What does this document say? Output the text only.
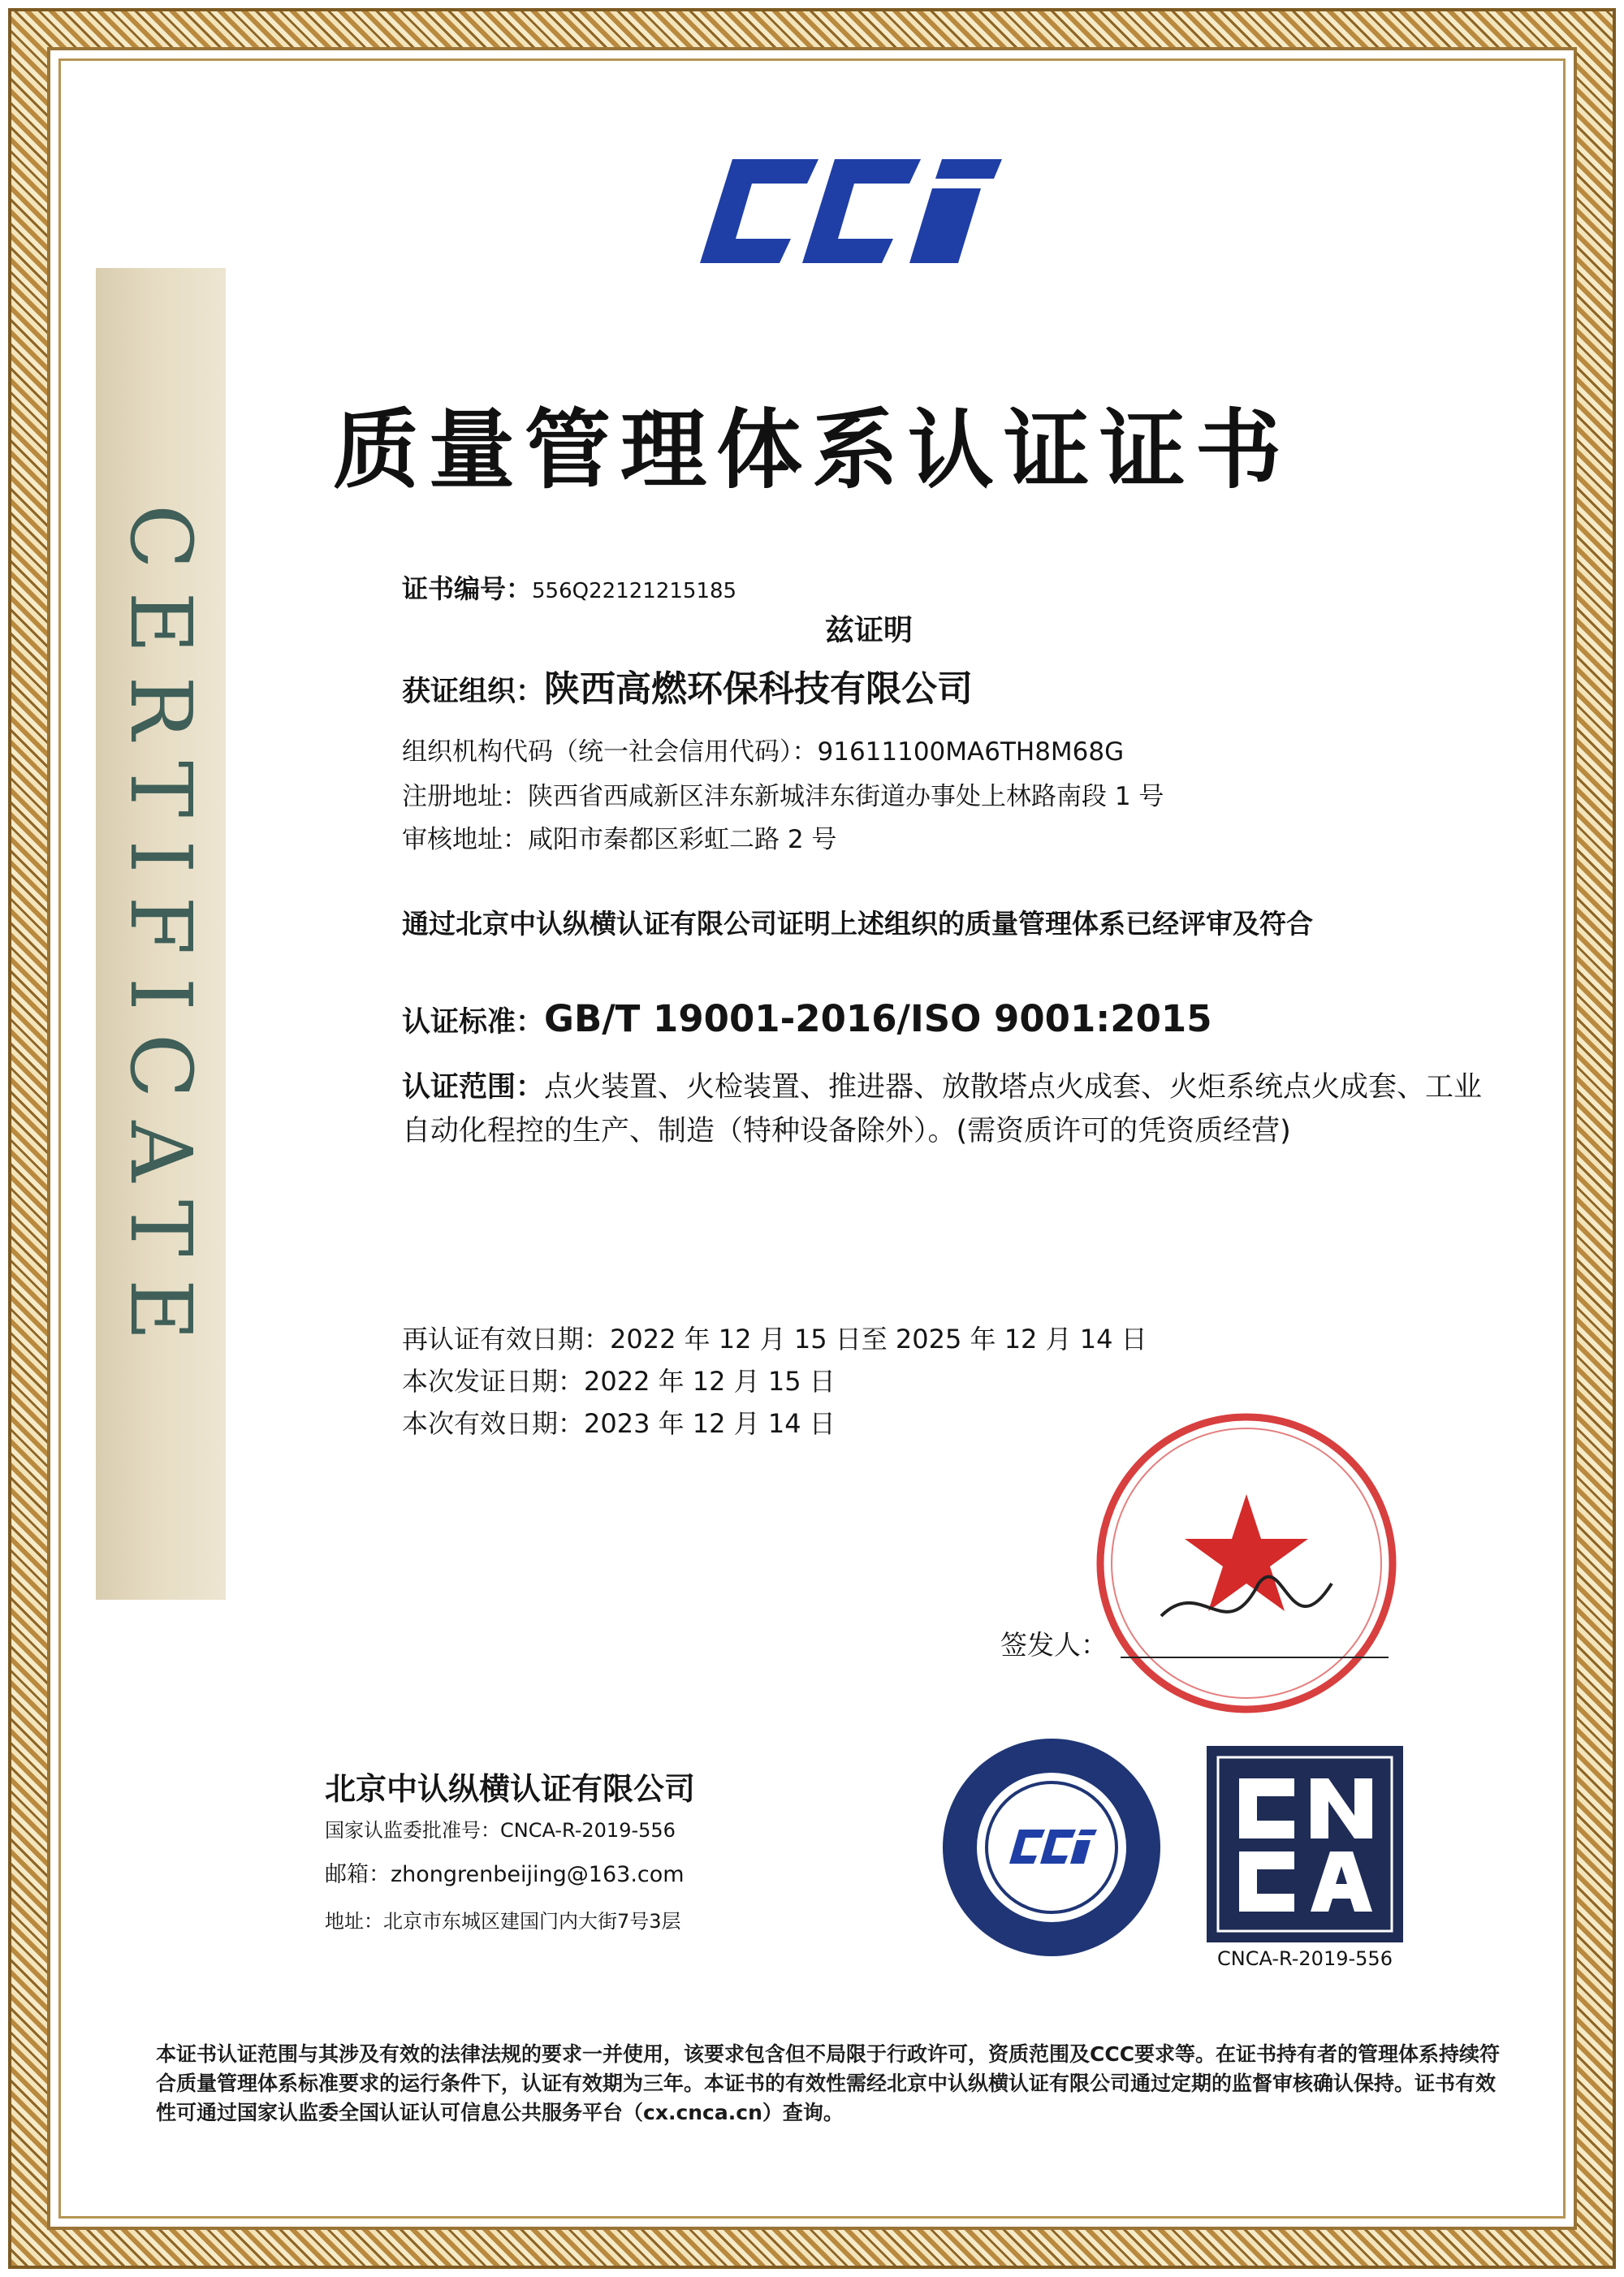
CERTIFICATE
质量管理体系认证证书
证书编号：556Q22121215185
兹证明
获证组织：陕西高燃环保科技有限公司
组织机构代码（统一社会信用代码）：91611100MA6TH8M68G
注册地址：陕西省西咸新区沣东新城沣东街道办事处上林路南段 1 号
审核地址：咸阳市秦都区彩虹二路 2 号
通过北京中认纵横认证有限公司证明上述组织的质量管理体系已经评审及符合
认证标准：GB/T 19001-2016/ISO 9001:2015
认证范围：点火装置、火检装置、推进器、放散塔点火成套、火炬系统点火成套、工业自动化程控的生产、制造（特种设备除外）。(需资质许可的凭资质经营)
再认证有效日期：2022 年 12 月 15 日至 2025 年 12 月 14 日
本次发证日期：2022 年 12 月 15 日
本次有效日期：2023 年 12 月 14 日
签发人：
北京中认纵横认证有限公司
国家认监委批准号：CNCA-R-2019-556
邮箱：zhongrenbeijing@163.com
地址：北京市东城区建国门内大街7号3层
CNCA-R-2019-556
本证书认证范围与其涉及有效的法律法规的要求一并使用，该要求包含但不局限于行政许可，资质范围及CCC要求等。在证书持有者的管理体系持续符合质量管理体系标准要求的运行条件下，认证有效期为三年。本证书的有效性需经北京中认纵横认证有限公司通过定期的监督审核确认保持。证书有效性可通过国家认监委全国认证认可信息公共服务平台（cx.cnca.cn）查询。
